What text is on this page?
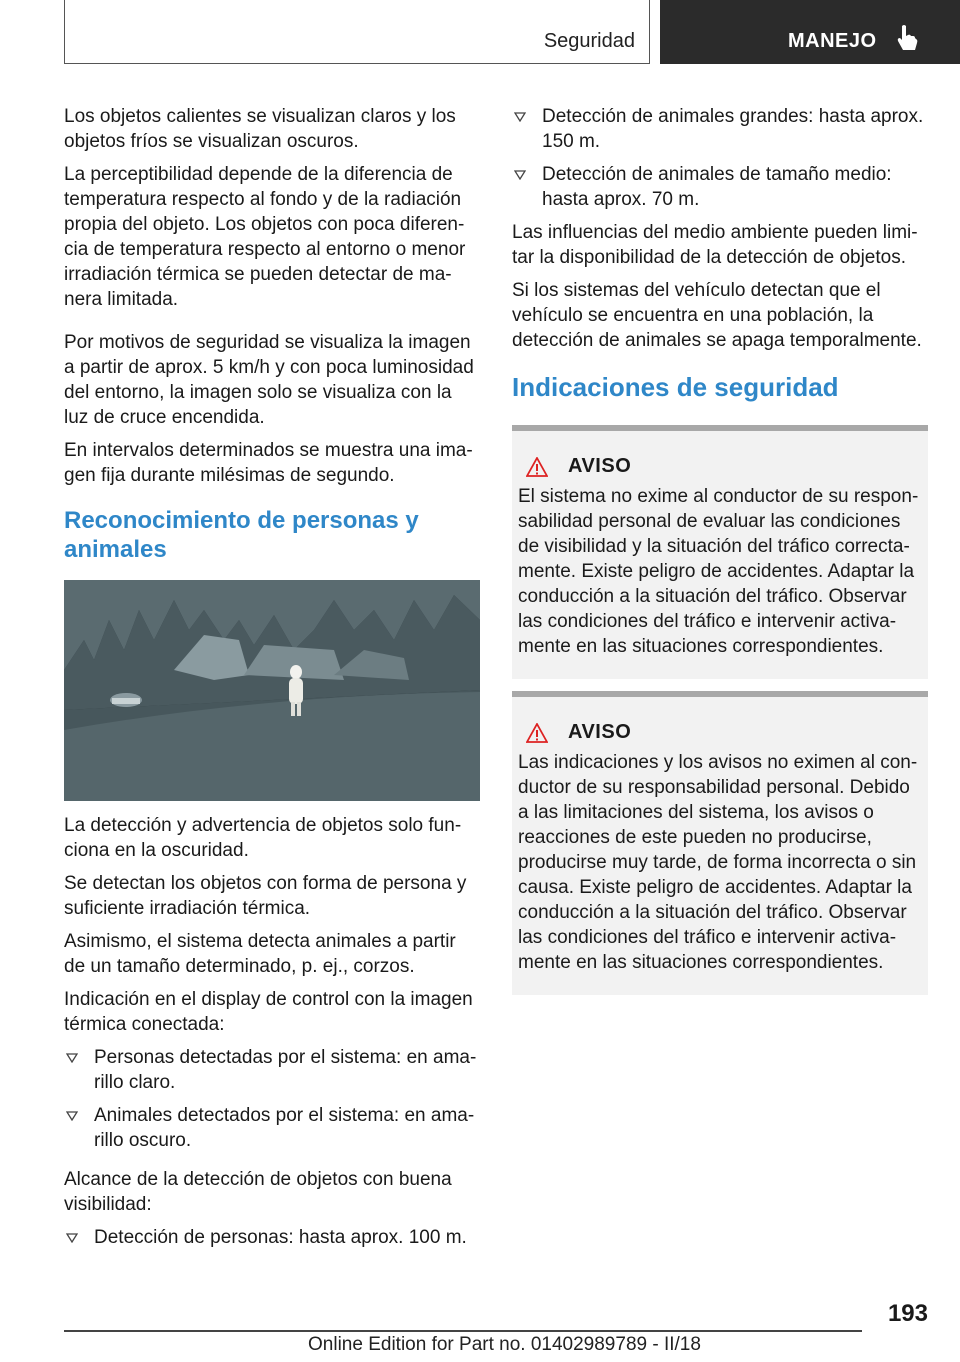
Seguridad	MANEJO

Los objetos calientes se visualizan claros y los objetos fríos se visualizan oscuros.

La perceptibilidad depende de la diferencia de temperatura respecto al fondo y de la radiación propia del objeto. Los objetos con poca diferencia de temperatura respecto al entorno o menor irradiación térmica se pueden detectar de manera limitada.

Por motivos de seguridad se visualiza la imagen a partir de aprox. 5 km/h y con poca luminosidad del entorno, la imagen solo se visualiza con la luz de cruce encendida.

En intervalos determinados se muestra una imagen fija durante milésimas de segundo.

Reconocimiento de personas y animales

La detección y advertencia de objetos solo funciona en la oscuridad.

Se detectan los objetos con forma de persona y suficiente irradiación térmica.

Asimismo, el sistema detecta animales a partir de un tamaño determinado, p. ej., corzos.

Indicación en el display de control con la imagen térmica conectada:

Personas detectadas por el sistema: en amarillo claro.
Animales detectados por el sistema: en amarillo oscuro.

Alcance de la detección de objetos con buena visibilidad:

Detección de personas: hasta aprox. 100 m.
Detección de animales grandes: hasta aprox. 150 m.
Detección de animales de tamaño medio: hasta aprox. 70 m.

Las influencias del medio ambiente pueden limitar la disponibilidad de la detección de objetos.

Si los sistemas del vehículo detectan que el vehículo se encuentra en una población, la detección de animales se apaga temporalmente.

Indicaciones de seguridad
AVISO

El sistema no exime al conductor de su responsabilidad personal de evaluar las condiciones de visibilidad y la situación del tráfico correctamente. Existe peligro de accidentes. Adaptar la conducción a la situación del tráfico. Observar las condiciones del tráfico e intervenir activamente en las situaciones correspondientes.

AVISO

Las indicaciones y los avisos no eximen al conductor de su responsabilidad personal. Debido a las limitaciones del sistema, los avisos o reacciones de este pueden no producirse, producirse muy tarde, de forma incorrecta o sin causa. Existe peligro de accidentes. Adaptar la conducción a la situación del tráfico. Observar las condiciones del tráfico e intervenir activamente en las situaciones correspondientes.

193
Online Edition for Part no. 01402989789 - II/18
